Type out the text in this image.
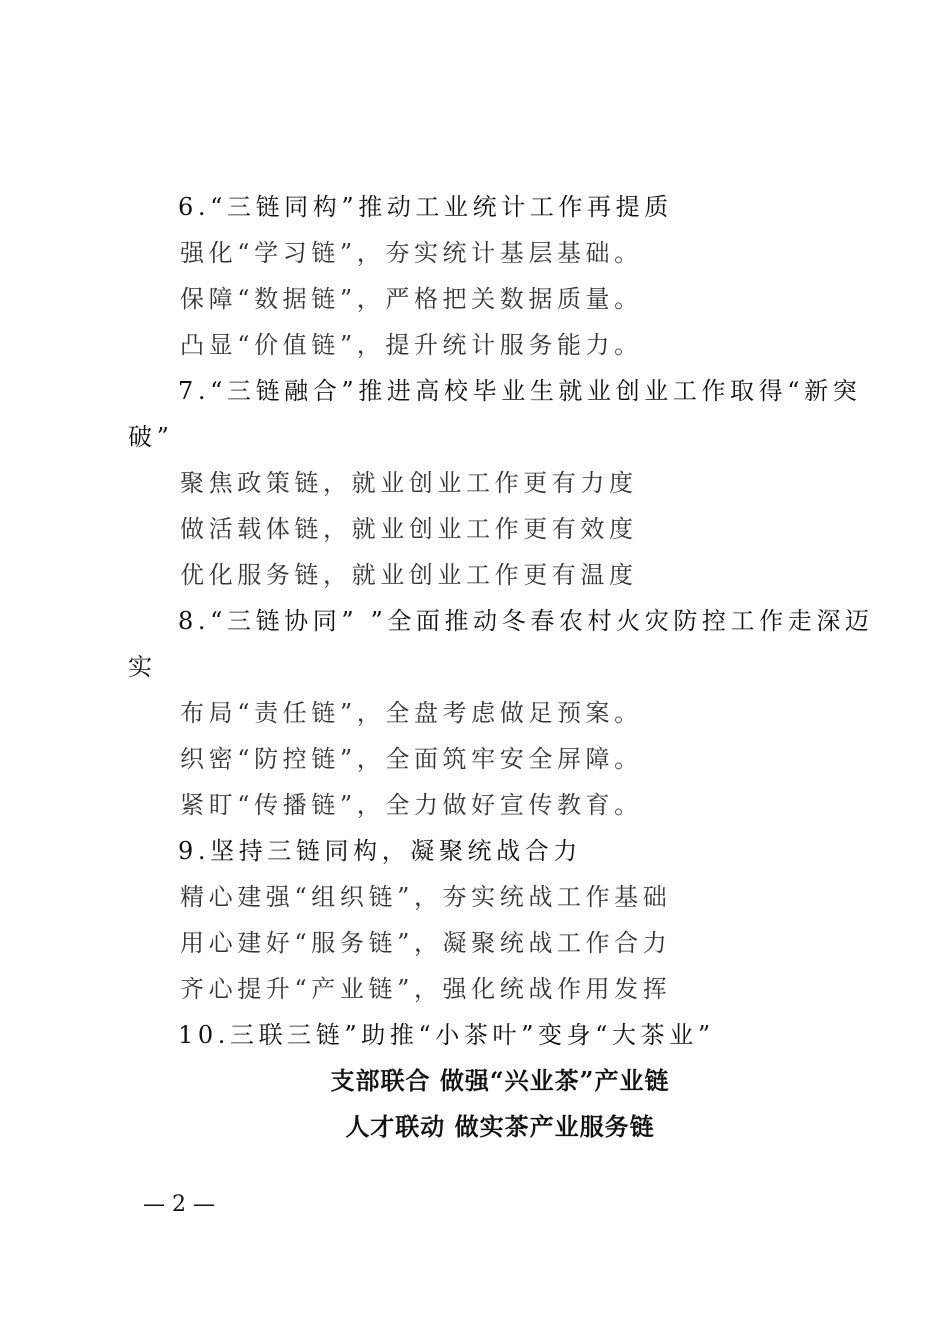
6.“三链同构”推动工业统计工作再提质
强化“学习链”，夯实统计基层基础。
保障“数据链”，严格把关数据质量。
凸显“价值链”，提升统计服务能力。
7.“三链融合”推进高校毕业生就业创业工作取得“新突
破”
聚焦政策链，就业创业工作更有力度
做活载体链，就业创业工作更有效度
优化服务链，就业创业工作更有温度
8.“三链协同” ”全面推动冬春农村火灾防控工作走深迈
实
布局“责任链”，全盘考虑做足预案。
织密“防控链”，全面筑牢安全屏障。
紧盯“传播链”，全力做好宣传教育。
9.坚持三链同构，凝聚统战合力
精心建强“组织链”，夯实统战工作基础
用心建好“服务链”，凝聚统战工作合力
齐心提升“产业链”，强化统战作用发挥
10.三联三链”助推“小茶叶”变身“大茶业”
支部联合 做强“兴业茶”产业链
人才联动 做实茶产业服务链
— 2 —
